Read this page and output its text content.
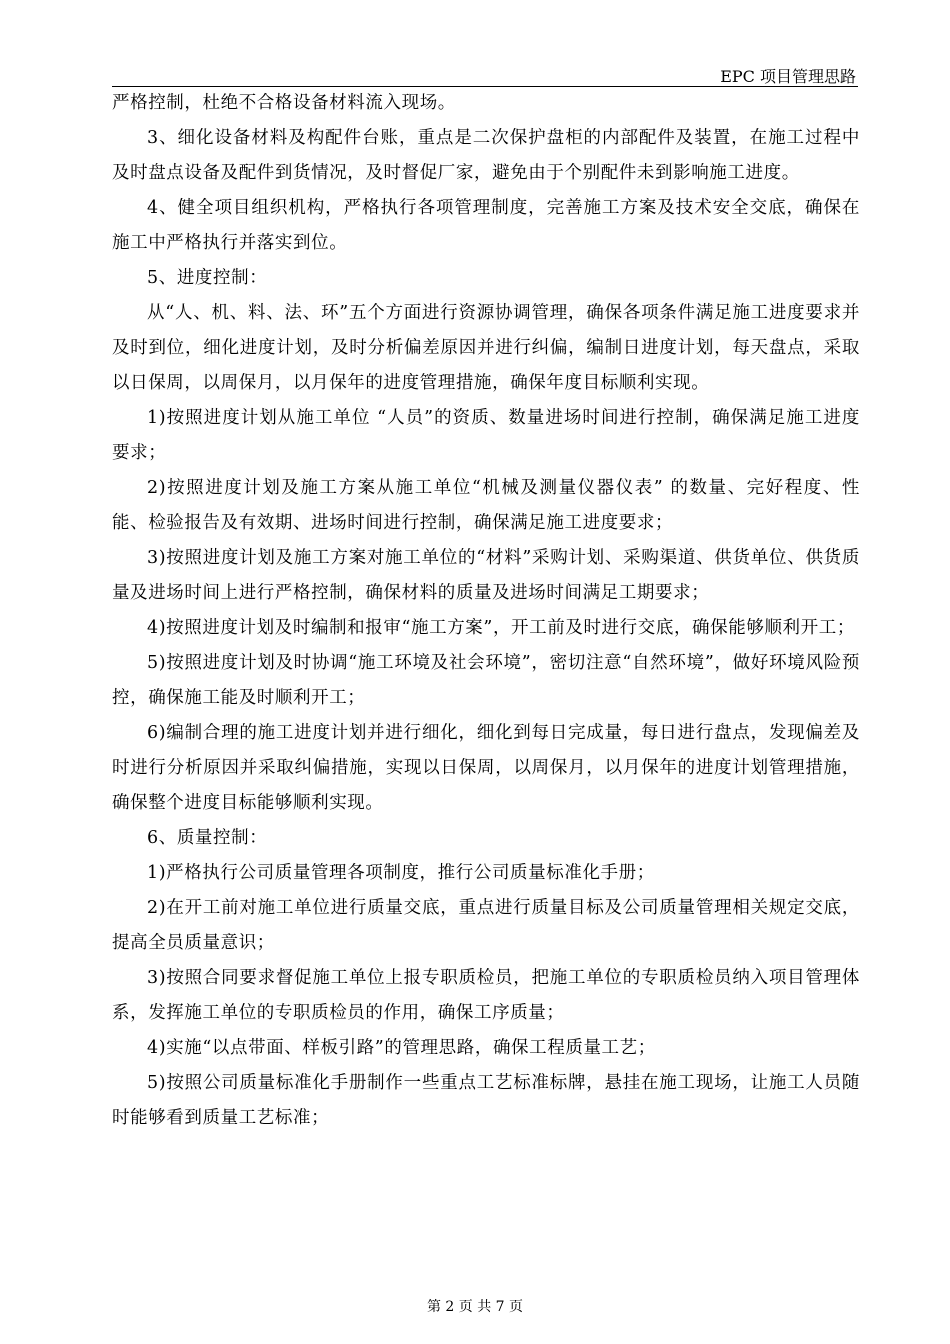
EPC 项目管理思路

严格控制，杜绝不合格设备材料流入现场。

3、细化设备材料及构配件台账，重点是二次保护盘柜的内部配件及装置，在施工过程中及时盘点设备及配件到货情况，及时督促厂家，避免由于个别配件未到影响施工进度。

4、健全项目组织机构，严格执行各项管理制度，完善施工方案及技术安全交底，确保在施工中严格执行并落实到位。

5、进度控制：

从“人、机、料、法、环”五个方面进行资源协调管理，确保各项条件满足施工进度要求并及时到位，细化进度计划，及时分析偏差原因并进行纠偏，编制日进度计划，每天盘点，采取以日保周，以周保月，以月保年的进度管理措施，确保年度目标顺利实现。

1)按照进度计划从施工单位 “人员”的资质、数量进场时间进行控制，确保满足施工进度要求；

2)按照进度计划及施工方案从施工单位“机械及测量仪器仪表” 的数量、完好程度、性能、检验报告及有效期、进场时间进行控制，确保满足施工进度要求；

3)按照进度计划及施工方案对施工单位的“材料”采购计划、采购渠道、供货单位、供货质量及进场时间上进行严格控制，确保材料的质量及进场时间满足工期要求；

4)按照进度计划及时编制和报审“施工方案”，开工前及时进行交底，确保能够顺利开工；

5)按照进度计划及时协调“施工环境及社会环境”，密切注意“自然环境”，做好环境风险预控，确保施工能及时顺利开工；

6)编制合理的施工进度计划并进行细化，细化到每日完成量，每日进行盘点，发现偏差及时进行分析原因并采取纠偏措施，实现以日保周，以周保月，以月保年的进度计划管理措施，确保整个进度目标能够顺利实现。

6、质量控制：

1)严格执行公司质量管理各项制度，推行公司质量标准化手册；

2)在开工前对施工单位进行质量交底，重点进行质量目标及公司质量管理相关规定交底，提高全员质量意识；

3)按照合同要求督促施工单位上报专职质检员，把施工单位的专职质检员纳入项目管理体系，发挥施工单位的专职质检员的作用，确保工序质量；

4)实施“以点带面、样板引路”的管理思路，确保工程质量工艺；

5)按照公司质量标准化手册制作一些重点工艺标准标牌，悬挂在施工现场，让施工人员随时能够看到质量工艺标准；

第 2 页 共 7 页
